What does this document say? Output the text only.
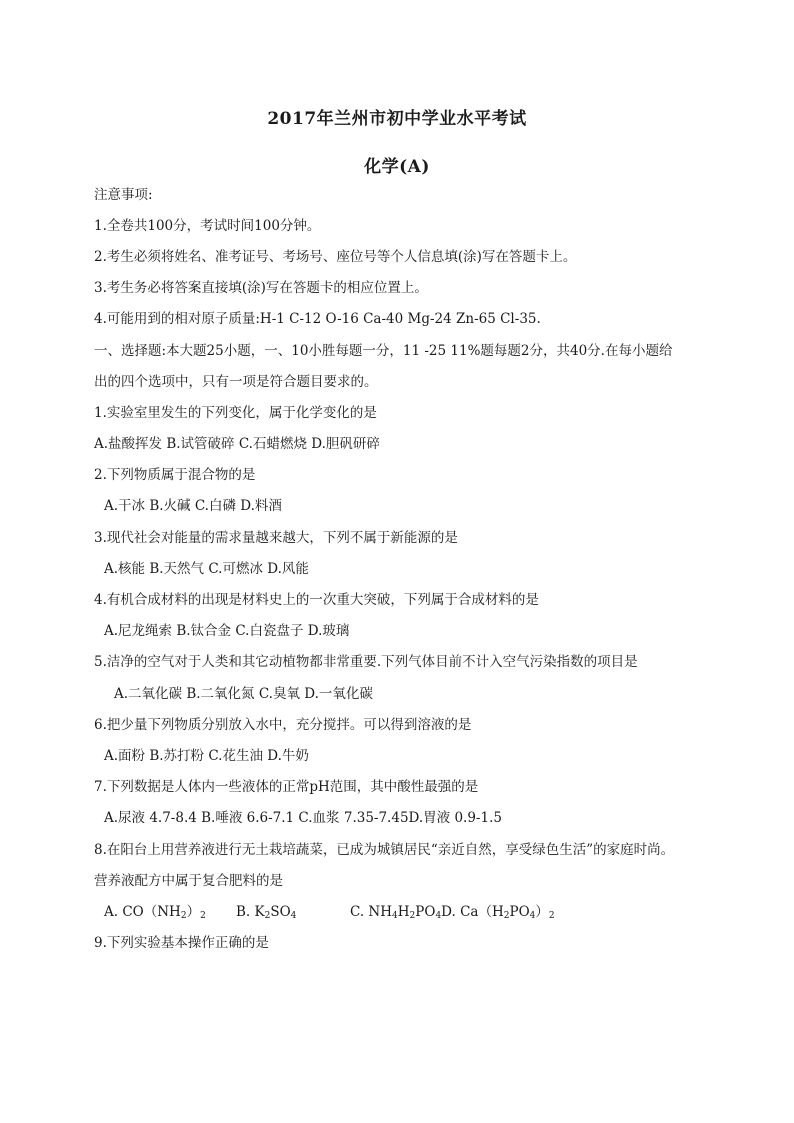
2017年兰州市初中学业水平考试
化学(A)
注意事项:
1.全卷共100分，考试时间100分钟。
2.考生必须将姓名、准考证号、考场号、座位号等个人信息填(涂)写在答题卡上。
3.考生务必将答案直接填(涂)写在答题卡的相应位置上。
4.可能用到的相对原子质量:H-1 C-12 O-16 Ca-40 Mg-24 Zn-65 Cl-35.
一、选择题:本大题25小题，一、10小胜每题一分，11 -25 11%题每题2分，共40分.在每小题给
出的四个选项中，只有一项是符合题目要求的。
1.实验室里发生的下列变化，属于化学变化的是
A.盐酸挥发 B.试管破碎 C.石蜡燃烧 D.胆矾研碎
2.下列物质属于混合物的是
A.干冰 B.火碱 C.白磷 D.料酒
3.现代社会对能量的需求量越来越大，下列不属于新能源的是
A.核能 B.天然气 C.可燃冰 D.风能
4.有机合成材料的出现是材料史上的一次重大突破，下列属于合成材料的是
A.尼龙绳索 B.钛合金 C.白瓷盘子 D.玻璃
5.洁净的空气对于人类和其它动植物都非常重要.下列气体目前不计入空气污染指数的项目是
A.二氧化碳 B.二氧化氮 C.臭氧 D.一氧化碳
6.把少量下列物质分别放入水中，充分搅拌。可以得到溶液的是
A.面粉 B.苏打粉 C.花生油 D.牛奶
7.下列数据是人体内一些液体的正常pH范围，其中酸性最强的是
A.尿液 4.7-8.4 B.唾液 6.6-7.1 C.血浆 7.35-7.45D.胃液 0.9-1.5
8.在阳台上用营养液进行无土栽培蔬菜，已成为城镇居民“亲近自然，享受绿色生活”的家庭时尚。
营养液配方中属于复合肥料的是
A. $CO(NH_2)_2$ B. $K_2SO_4$	C. $NH_4H_2PO_4D$. $Ca(H_2PO_4)_2$
9.下列实验基本操作正确的是
